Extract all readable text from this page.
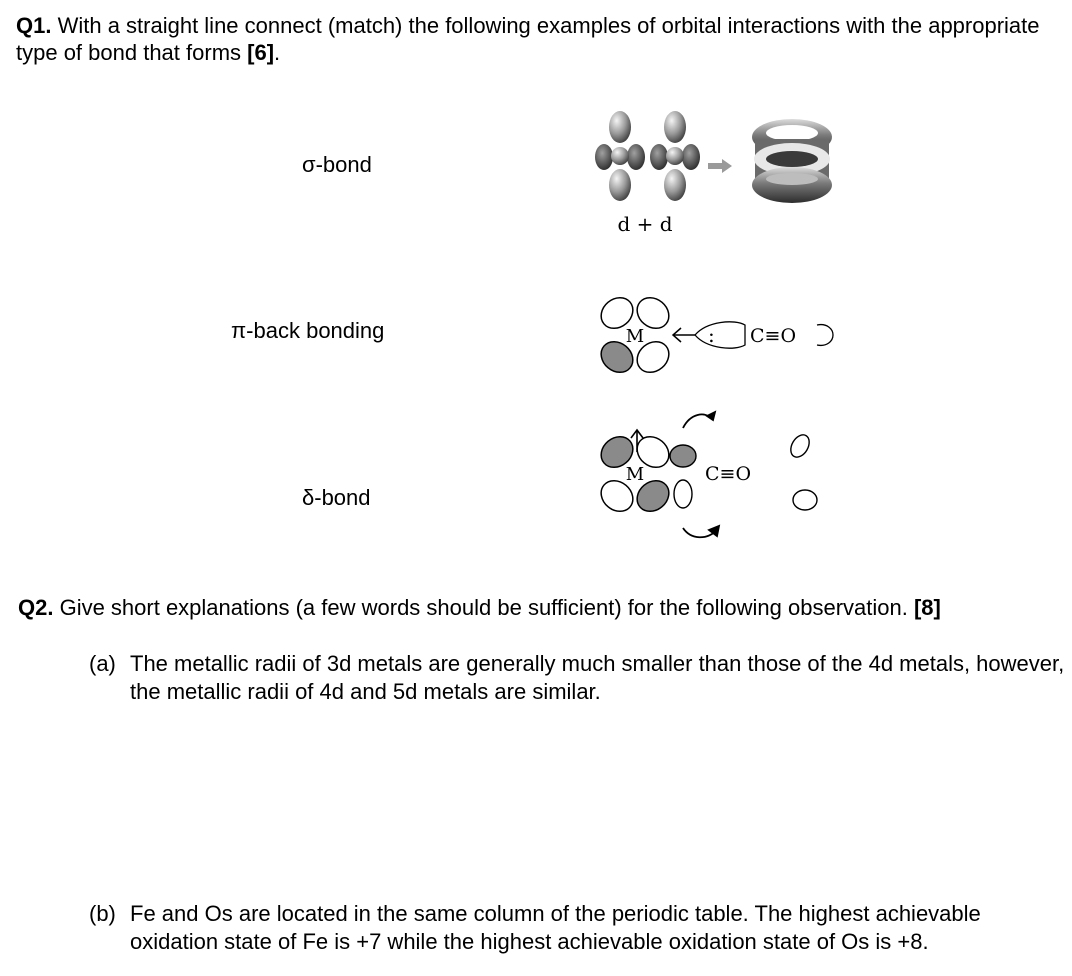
Q1. With a straight line connect (match) the following examples of orbital interactions with the appropriate type of bond that forms [6].
σ-bond
π-back bonding
δ-bond
d + d
M	: C≡O
M	C≡O
Q2. Give short explanations (a few words should be sufficient) for the following observation. [8]
(a) The metallic radii of 3d metals are generally much smaller than those of the 4d metals, however, the metallic radii of 4d and 5d metals are similar.
(b) Fe and Os are located in the same column of the periodic table. The highest achievable oxidation state of Fe is +7 while the highest achievable oxidation state of Os is +8.
